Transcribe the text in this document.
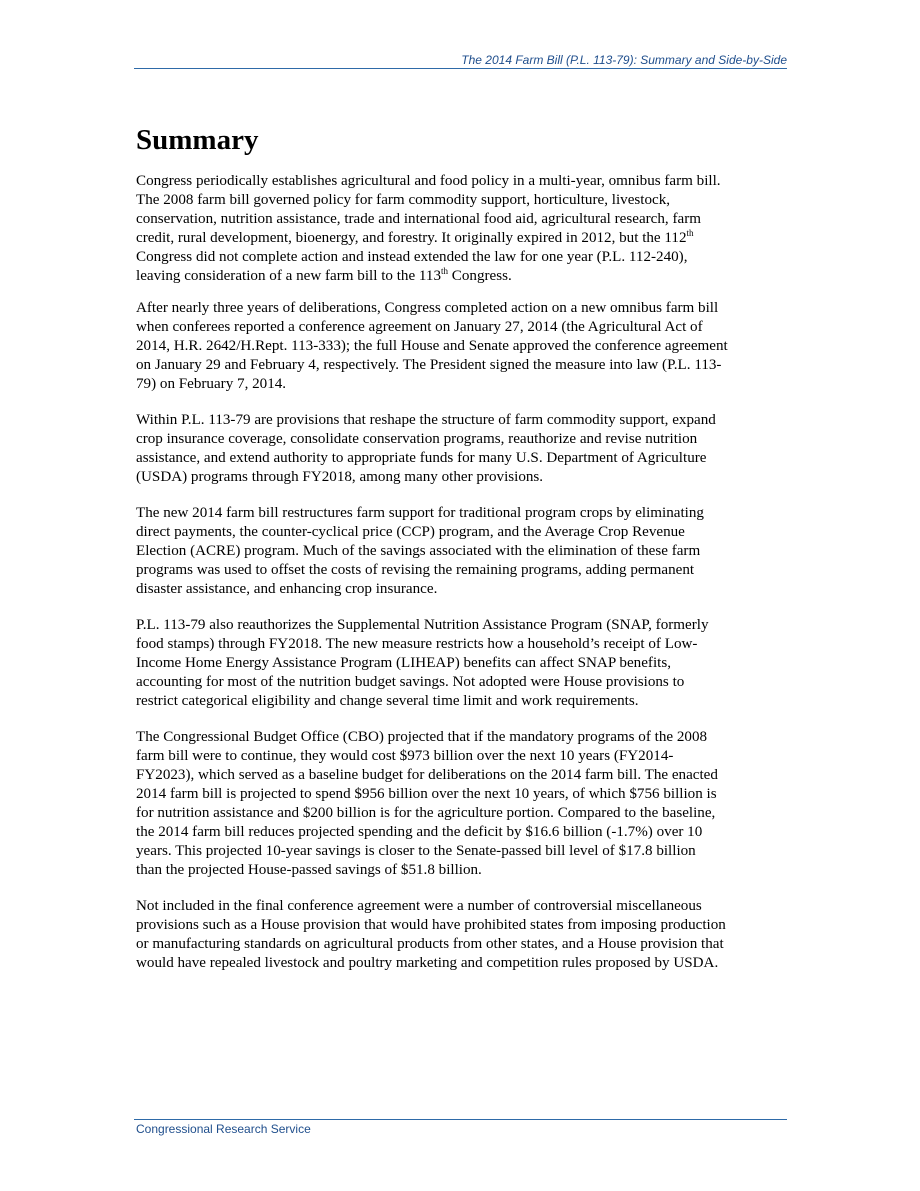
The 2014 Farm Bill (P.L. 113-79): Summary and Side-by-Side
Summary

Congress periodically establishes agricultural and food policy in a multi-year, omnibus farm bill.
The 2008 farm bill governed policy for farm commodity support, horticulture, livestock,
conservation, nutrition assistance, trade and international food aid, agricultural research, farm
credit, rural development, bioenergy, and forestry. It originally expired in 2012, but the 112th
Congress did not complete action and instead extended the law for one year (P.L. 112-240),
leaving consideration of a new farm bill to the 113th Congress.

After nearly three years of deliberations, Congress completed action on a new omnibus farm bill
when conferees reported a conference agreement on January 27, 2014 (the Agricultural Act of
2014, H.R. 2642/H.Rept. 113-333); the full House and Senate approved the conference agreement
on January 29 and February 4, respectively. The President signed the measure into law (P.L. 113-
79) on February 7, 2014.

Within P.L. 113-79 are provisions that reshape the structure of farm commodity support, expand
crop insurance coverage, consolidate conservation programs, reauthorize and revise nutrition
assistance, and extend authority to appropriate funds for many U.S. Department of Agriculture
(USDA) programs through FY2018, among many other provisions.

The new 2014 farm bill restructures farm support for traditional program crops by eliminating
direct payments, the counter-cyclical price (CCP) program, and the Average Crop Revenue
Election (ACRE) program. Much of the savings associated with the elimination of these farm
programs was used to offset the costs of revising the remaining programs, adding permanent
disaster assistance, and enhancing crop insurance.

P.L. 113-79 also reauthorizes the Supplemental Nutrition Assistance Program (SNAP, formerly
food stamps) through FY2018. The new measure restricts how a household’s receipt of Low-
Income Home Energy Assistance Program (LIHEAP) benefits can affect SNAP benefits,
accounting for most of the nutrition budget savings. Not adopted were House provisions to
restrict categorical eligibility and change several time limit and work requirements.

The Congressional Budget Office (CBO) projected that if the mandatory programs of the 2008
farm bill were to continue, they would cost $973 billion over the next 10 years (FY2014-
FY2023), which served as a baseline budget for deliberations on the 2014 farm bill. The enacted
2014 farm bill is projected to spend $956 billion over the next 10 years, of which $756 billion is
for nutrition assistance and $200 billion is for the agriculture portion. Compared to the baseline,
the 2014 farm bill reduces projected spending and the deficit by $16.6 billion (-1.7%) over 10
years. This projected 10-year savings is closer to the Senate-passed bill level of $17.8 billion
than the projected House-passed savings of $51.8 billion.

Not included in the final conference agreement were a number of controversial miscellaneous
provisions such as a House provision that would have prohibited states from imposing production
or manufacturing standards on agricultural products from other states, and a House provision that
would have repealed livestock and poultry marketing and competition rules proposed by USDA.

Congressional Research Service
